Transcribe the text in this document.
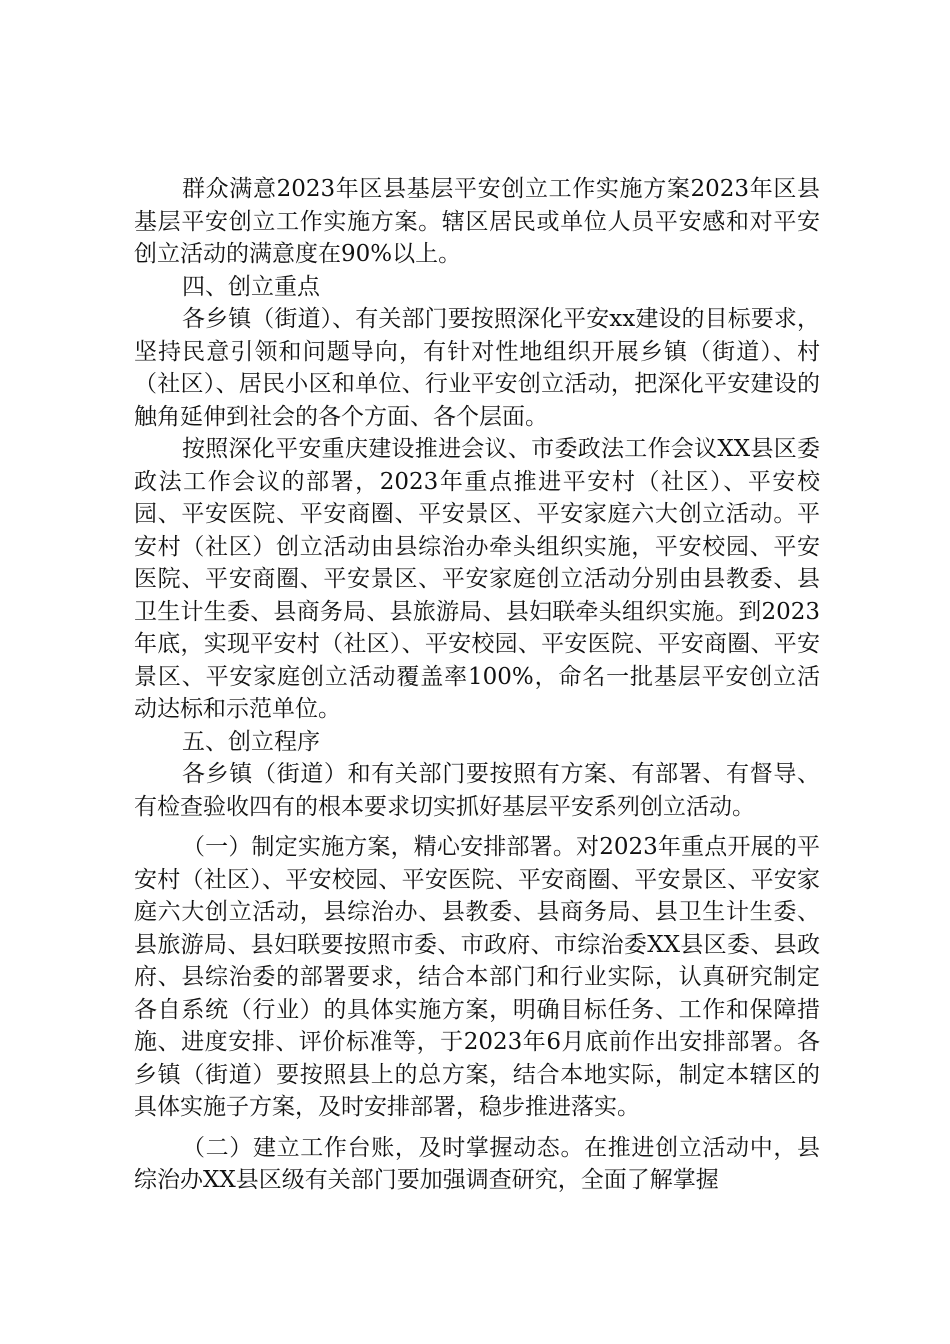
群众满意2023年区县基层平安创立工作实施方案2023年区县基层平安创立工作实施方案。辖区居民或单位人员平安感和对平安创立活动的满意度在90%以上。

四、创立重点

各乡镇（街道）、有关部门要按照深化平安xx建设的目标要求，坚持民意引领和问题导向，有针对性地组织开展乡镇（街道）、村（社区）、居民小区和单位、行业平安创立活动，把深化平安建设的触角延伸到社会的各个方面、各个层面。

按照深化平安重庆建设推进会议、市委政法工作会议XX县区委政法工作会议的部署，2023年重点推进平安村（社区）、平安校园、平安医院、平安商圈、平安景区、平安家庭六大创立活动。平安村（社区）创立活动由县综治办牵头组织实施，平安校园、平安医院、平安商圈、平安景区、平安家庭创立活动分别由县教委、县卫生计生委、县商务局、县旅游局、县妇联牵头组织实施。到2023年底，实现平安村（社区）、平安校园、平安医院、平安商圈、平安景区、平安家庭创立活动覆盖率100%，命名一批基层平安创立活动达标和示范单位。

五、创立程序

各乡镇（街道）和有关部门要按照有方案、有部署、有督导、有检查验收四有的根本要求切实抓好基层平安系列创立活动。

（一）制定实施方案，精心安排部署。对2023年重点开展的平安村（社区）、平安校园、平安医院、平安商圈、平安景区、平安家庭六大创立活动，县综治办、县教委、县商务局、县卫生计生委、县旅游局、县妇联要按照市委、市政府、市综治委XX县区委、县政府、县综治委的部署要求，结合本部门和行业实际，认真研究制定各自系统（行业）的具体实施方案，明确目标任务、工作和保障措施、进度安排、评价标准等，于2023年6月底前作出安排部署。各乡镇（街道）要按照县上的总方案，结合本地实际，制定本辖区的具体实施子方案，及时安排部署，稳步推进落实。

（二）建立工作台账，及时掌握动态。在推进创立活动中，县综治办XX县区级有关部门要加强调查研究，全面了解掌握
